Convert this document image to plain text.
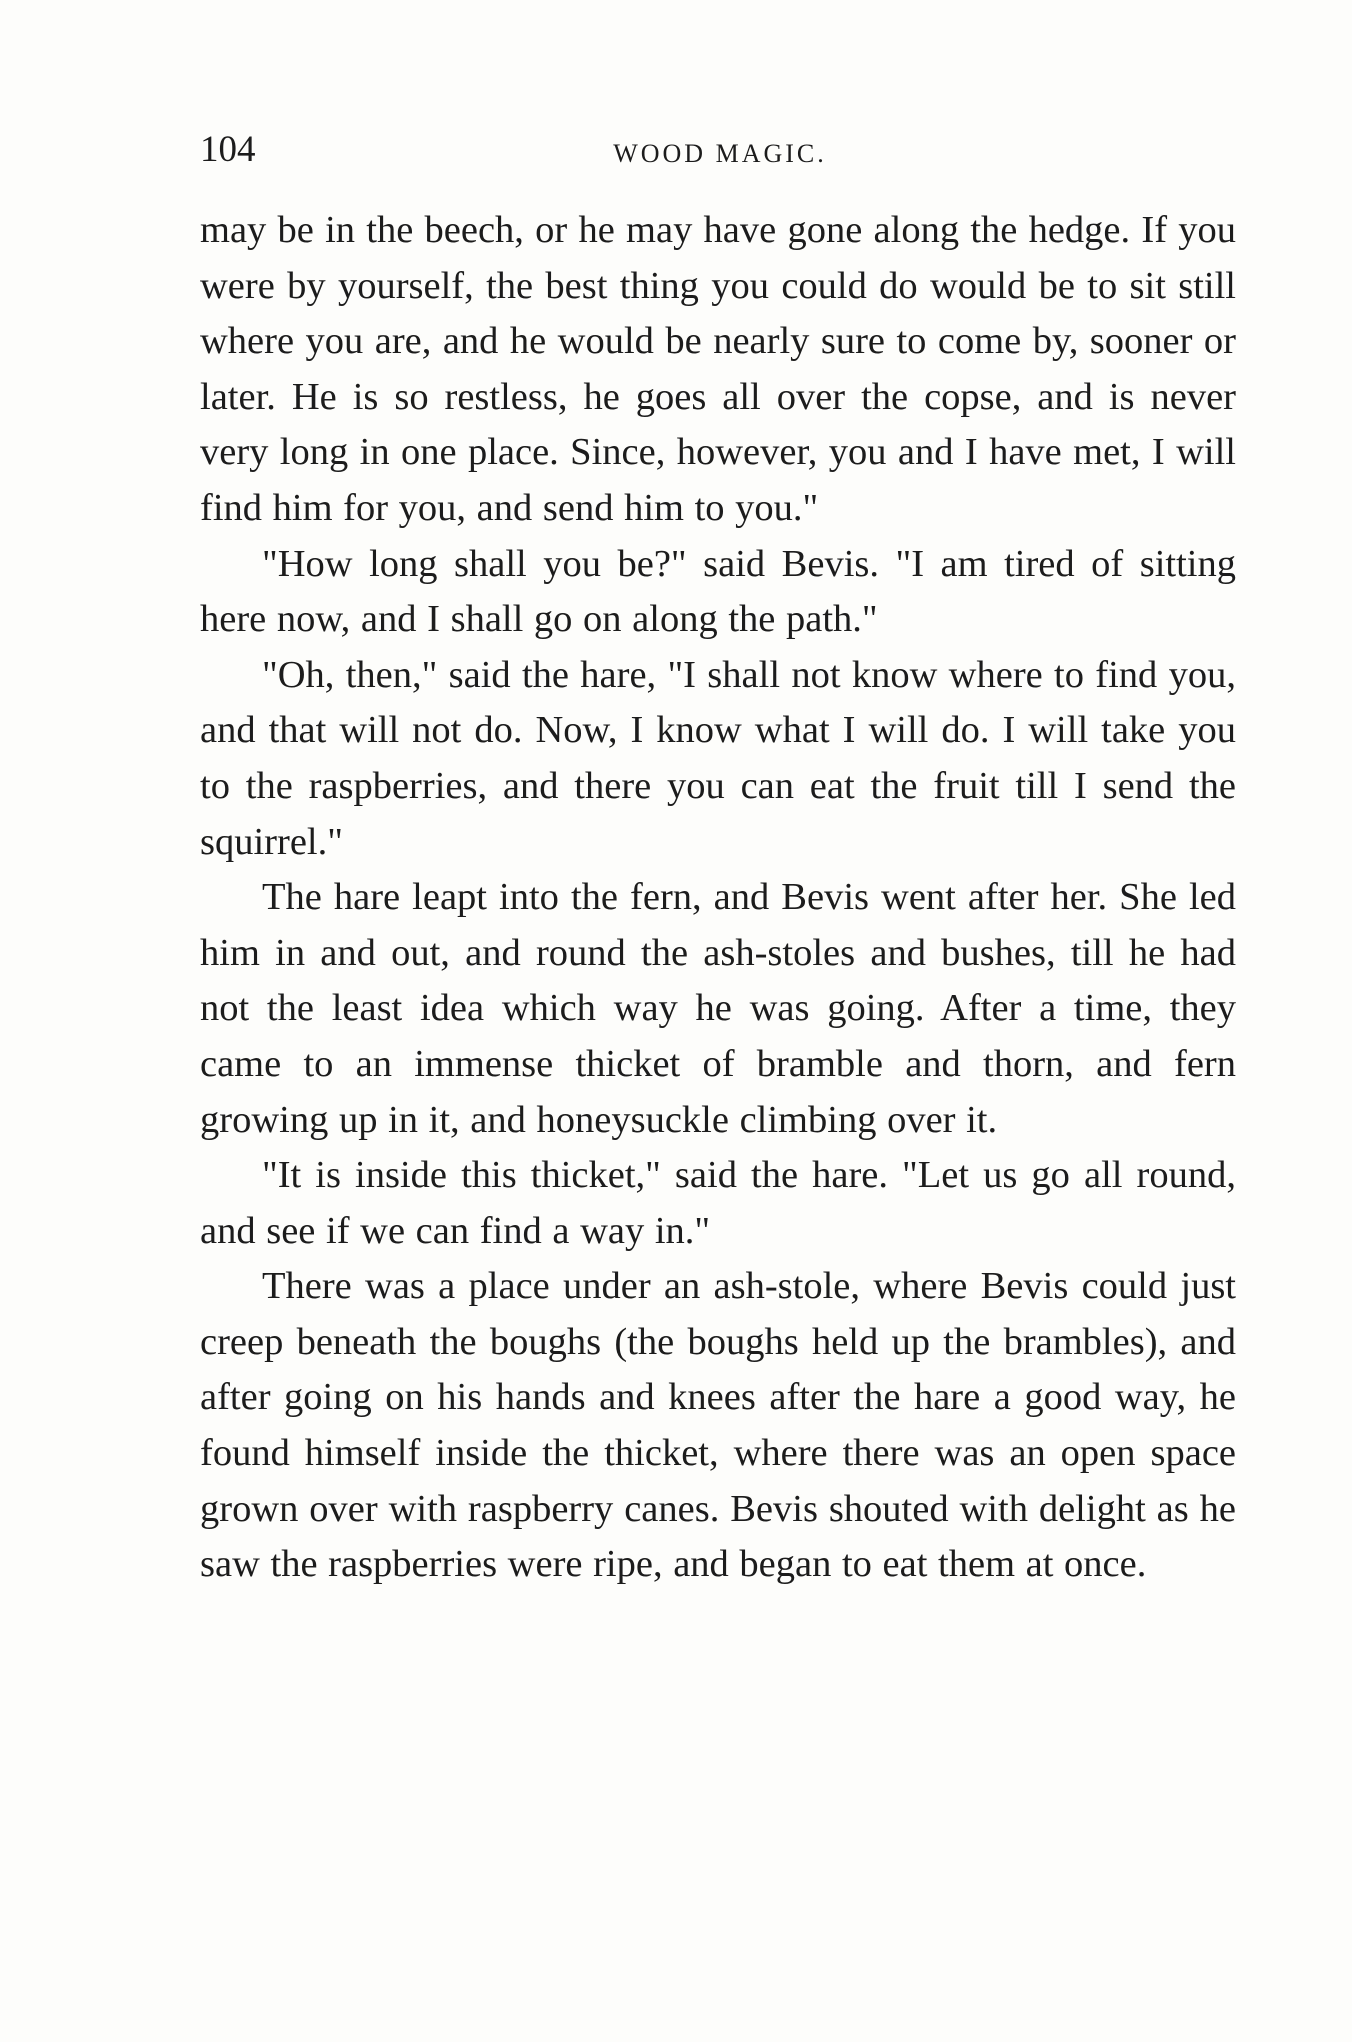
104	WOOD MAGIC.

may be in the beech, or he may have gone along the hedge. If you were by yourself, the best thing you could do would be to sit still where you are, and he would be nearly sure to come by, sooner or later. He is so restless, he goes all over the copse, and is never very long in one place. Since, however, you and I have met, I will find him for you, and send him to you."

"How long shall you be?" said Bevis. "I am tired of sitting here now, and I shall go on along the path."

"Oh, then," said the hare, "I shall not know where to find you, and that will not do. Now, I know what I will do. I will take you to the raspberries, and there you can eat the fruit till I send the squirrel."

The hare leapt into the fern, and Bevis went after her. She led him in and out, and round the ash-stoles and bushes, till he had not the least idea which way he was going. After a time, they came to an immense thicket of bramble and thorn, and fern growing up in it, and honeysuckle climbing over it.

"It is inside this thicket," said the hare. "Let us go all round, and see if we can find a way in."

There was a place under an ash-stole, where Bevis could just creep beneath the boughs (the boughs held up the brambles), and after going on his hands and knees after the hare a good way, he found himself inside the thicket, where there was an open space grown over with raspberry canes. Bevis shouted with delight as he saw the raspberries were ripe, and began to eat them at once.
